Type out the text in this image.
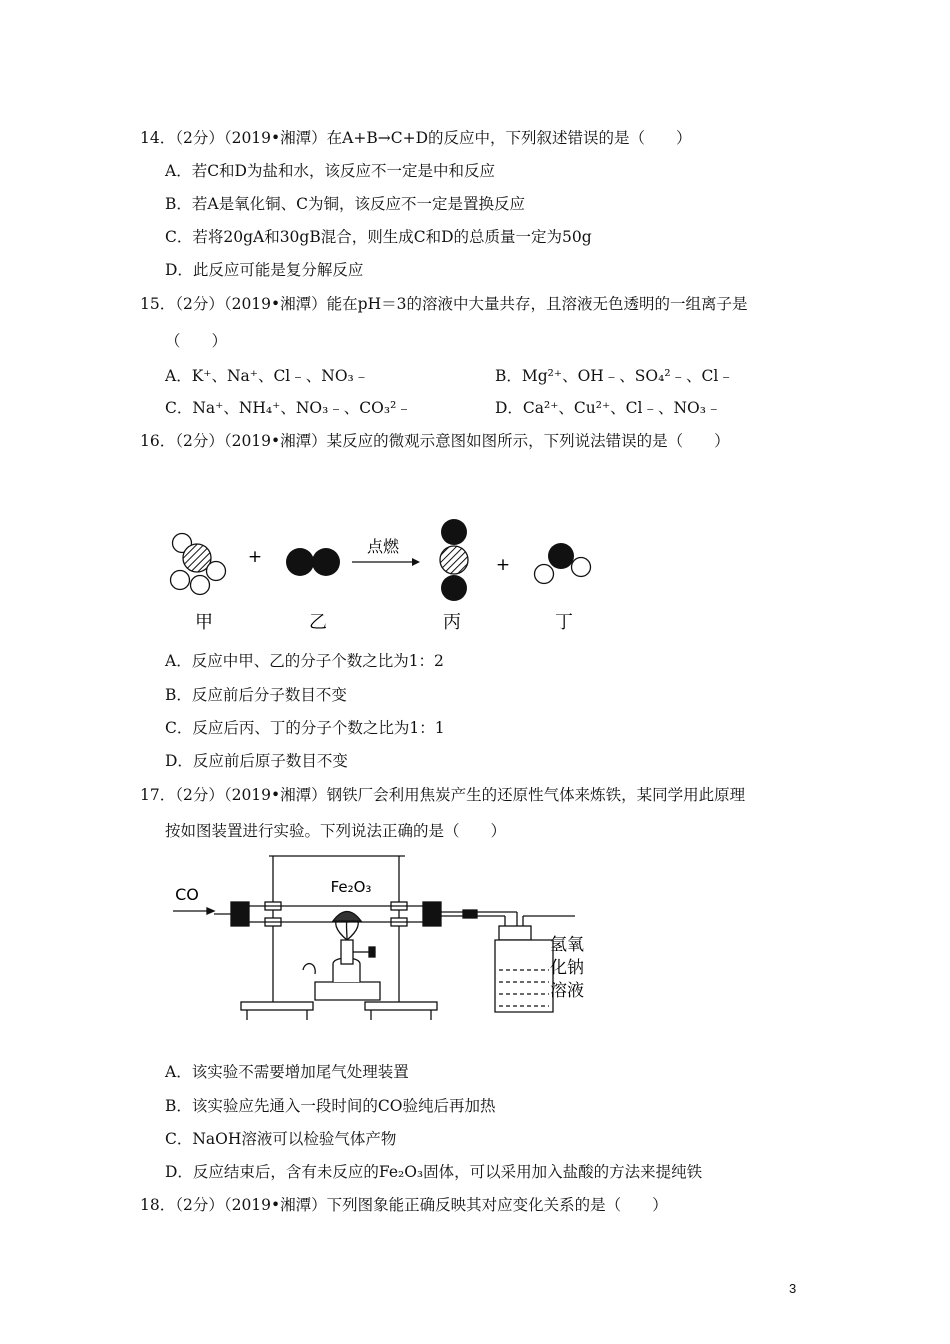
14．（2分）（2019•湘潭）在A+B→C+D的反应中，下列叙述错误的是（　　）
A．若C和D为盐和水，该反应不一定是中和反应
B．若A是氧化铜、C为铜，该反应不一定是置换反应
C．若将20gA和30gB混合，则生成C和D的总质量一定为50g
D．此反应可能是复分解反应
15．（2分）（2019•湘潭）能在pH＝3的溶液中大量共存，且溶液无色透明的一组离子是
（　　）
A．K⁺、Na⁺、Cl﹣、NO₃﹣	B．Mg²⁺、OH﹣、SO₄²﹣、Cl﹣
C．Na⁺、NH₄⁺、NO₃﹣、CO₃²﹣	D．Ca²⁺、Cu²⁺、Cl﹣、NO₃﹣
16．（2分）（2019•湘潭）某反应的微观示意图如图所示，下列说法错误的是（　　）
+
点燃
+
甲	乙	丙	丁
A．反应中甲、乙的分子个数之比为1：2
B．反应前后分子数目不变
C．反应后丙、丁的分子个数之比为1：1
D．反应前后原子数目不变
17．（2分）（2019•湘潭）钢铁厂会利用焦炭产生的还原性气体来炼铁，某同学用此原理
按如图装置进行实验。下列说法正确的是（　　）
CO	Fe₂O₃
氢氧
化钠
溶液
A．该实验不需要增加尾气处理装置
B．该实验应先通入一段时间的CO验纯后再加热
C．NaOH溶液可以检验气体产物
D．反应结束后，含有未反应的Fe₂O₃固体，可以采用加入盐酸的方法来提纯铁
18．（2分）（2019•湘潭）下列图象能正确反映其对应变化关系的是（　　）
3
